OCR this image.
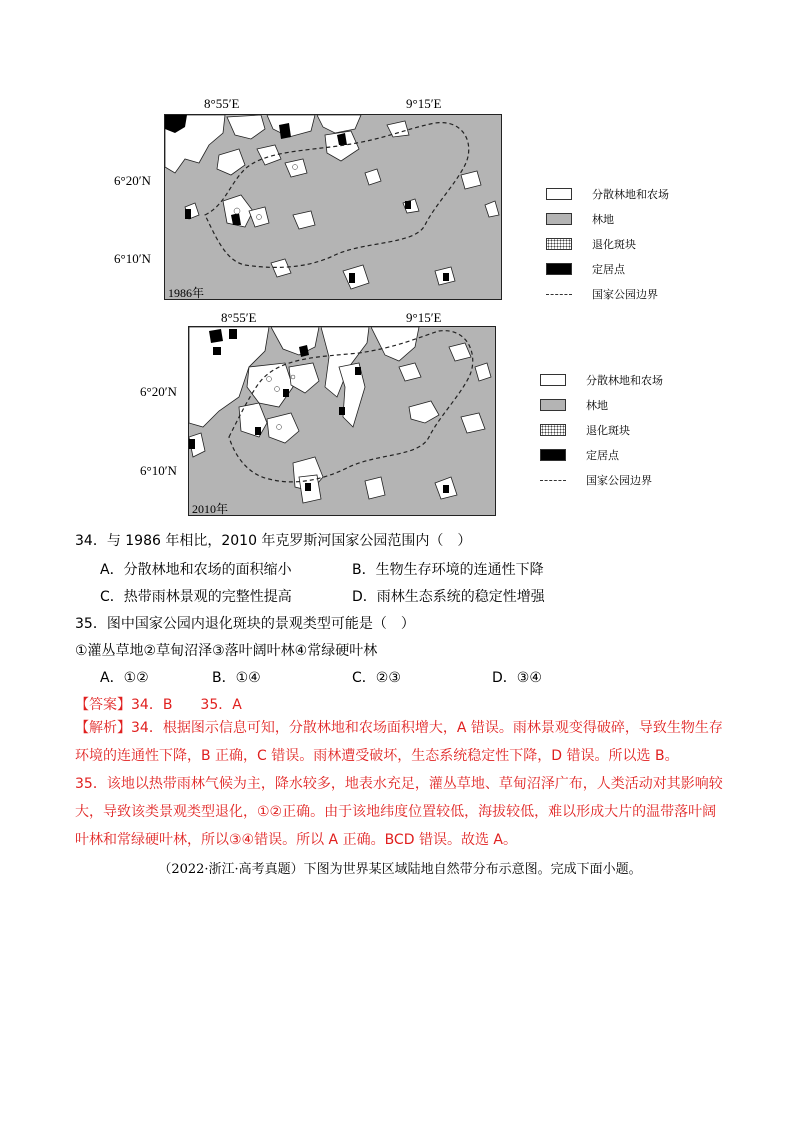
8°55′E	9°15′E
6°20′N
6°10′N
1986年
分散林地和农场
林地
退化斑块
定居点
国家公园边界
8°55′E	9°15′E
6°20′N
6°10′N
2010年
分散林地和农场
林地
退化斑块
定居点
国家公园边界
34．与 1986 年相比，2010 年克罗斯河国家公园范围内（　）
A．分散林地和农场的面积缩小	B．生物生存环境的连通性下降
C．热带雨林景观的完整性提高	D．雨林生态系统的稳定性增强
35．图中国家公园内退化斑块的景观类型可能是（　）
①灌丛草地②草甸沼泽③落叶阔叶林④常绿硬叶林
A．①②	B．①④	C．②③	D．③④
【答案】34．B　　35．A
【解析】34．根据图示信息可知，分散林地和农场面积增大，A 错误。雨林景观变得破碎，导致生物生存环境的连通性下降，B 正确，C 错误。雨林遭受破坏，生态系统稳定性下降，D 错误。所以选 B。
35．该地以热带雨林气候为主，降水较多，地表水充足，灌丛草地、草甸沼泽广布，人类活动对其影响较大，导致该类景观类型退化，①②正确。由于该地纬度位置较低，海拔较低，难以形成大片的温带落叶阔叶林和常绿硬叶林，所以③④错误。所以 A 正确。BCD 错误。故选 A。
（2022·浙江·高考真题）下图为世界某区域陆地自然带分布示意图。完成下面小题。
